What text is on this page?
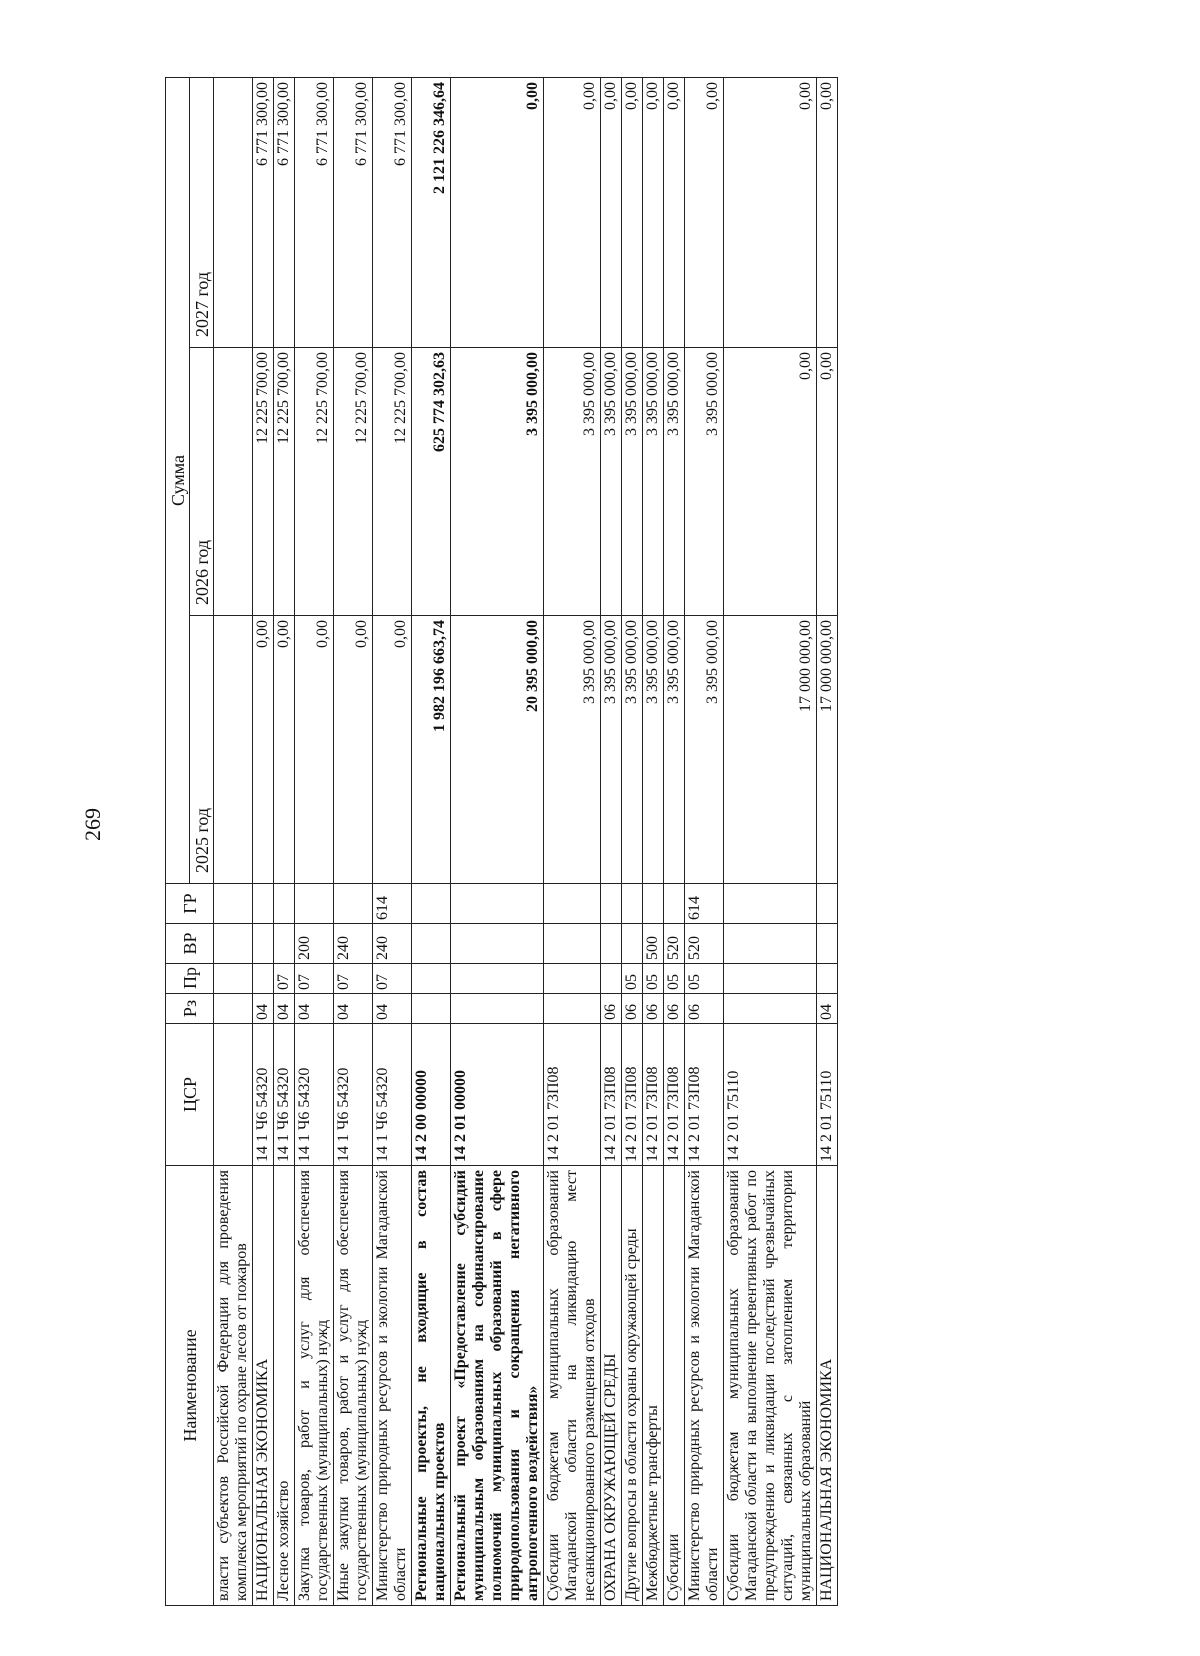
269
Наименование	ЦСР	Рз	Пр	ВР	ГР	Сумма		
						2025 год	2026 год	2027 год
власти субъектов Российской Федерации для проведения комплекса мероприятий по охране лесов от пожаров								
НАЦИОНАЛЬНАЯ ЭКОНОМИКА	14 1 Ч6 54320	04				0,00	12 225 700,00	6 771 300,00
Лесное хозяйство	14 1 Ч6 54320	04	07			0,00	12 225 700,00	6 771 300,00
Закупка товаров, работ и услуг для обеспечения государственных (муниципальных) нужд	14 1 Ч6 54320	04	07	200		0,00	12 225 700,00	6 771 300,00
Иные закупки товаров, работ и услуг для обеспечения государственных (муниципальных) нужд	14 1 Ч6 54320	04	07	240		0,00	12 225 700,00	6 771 300,00
Министерство природных ресурсов и экологии Магаданской области	14 1 Ч6 54320	04	07	240	614	0,00	12 225 700,00	6 771 300,00
Региональные проекты, не входящие в состав национальных проектов	14 2 00 00000					1 982 196 663,74	625 774 302,63	2 121 226 346,64
Региональный проект «Предоставление субсидий муниципальным образованиям на софинансирование полномочий муниципальных образований в сфере природопользования и сокращения негативного антропогенного воздействия»	14 2 01 00000					20 395 000,00	3 395 000,00	0,00
Субсидии бюджетам муниципальных образований Магаданской области на ликвидацию мест несанкционированного размещения отходов	14 2 01 73П08					3 395 000,00	3 395 000,00	0,00
ОХРАНА ОКРУЖАЮЩЕЙ СРЕДЫ	14 2 01 73П08	06				3 395 000,00	3 395 000,00	0,00
Другие вопросы в области охраны окружающей среды	14 2 01 73П08	06	05			3 395 000,00	3 395 000,00	0,00
Межбюджетные трансферты	14 2 01 73П08	06	05	500		3 395 000,00	3 395 000,00	0,00
Субсидии	14 2 01 73П08	06	05	520		3 395 000,00	3 395 000,00	0,00
Министерство природных ресурсов и экологии Магаданской области	14 2 01 73П08	06	05	520	614	3 395 000,00	3 395 000,00	0,00
Субсидии бюджетам муниципальных образований Магаданской области на выполнение превентивных работ по предупреждению и ликвидации последствий чрезвычайных ситуаций, связанных с затоплением территории муниципальных образований	14 2 01 75110					17 000 000,00	0,00	0,00
НАЦИОНАЛЬНАЯ ЭКОНОМИКА	14 2 01 75110	04				17 000 000,00	0,00	0,00
